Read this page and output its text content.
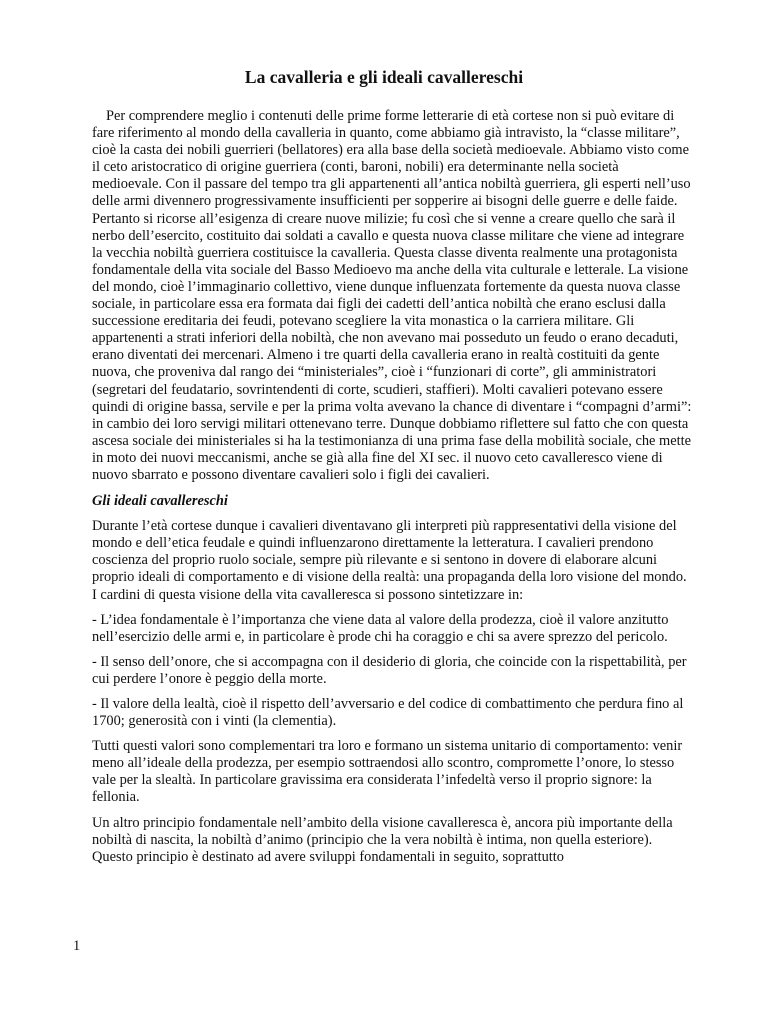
La cavalleria e gli ideali cavallereschi

Per comprendere meglio i contenuti delle prime forme letterarie di età cortese non si può evitare di fare riferimento al mondo della cavalleria in quanto, come abbiamo già intravisto, la “classe militare”, cioè la casta dei nobili guerrieri (bellatores) era alla base della società medioevale. Abbiamo visto come il ceto aristocratico di origine guerriera (conti, baroni, nobili) era determinante nella società medioevale. Con il passare del tempo tra gli appartenenti all’antica nobiltà guerriera, gli esperti nell’uso delle armi divennero progressivamente insufficienti per sopperire ai bisogni delle guerre e delle faide. Pertanto si ricorse all’esigenza di creare nuove milizie; fu così che si venne a creare quello che sarà il nerbo dell’esercito, costituito dai soldati a cavallo e questa nuova classe militare che viene ad integrare la vecchia nobiltà guerriera costituisce la cavalleria. Questa classe diventa realmente una protagonista fondamentale della vita sociale del Basso Medioevo ma anche della vita culturale e letterale. La visione del mondo, cioè l’immaginario collettivo, viene dunque influenzata fortemente da questa nuova classe sociale, in particolare essa era formata dai figli dei cadetti dell’antica nobiltà che erano esclusi dalla successione ereditaria dei feudi, potevano scegliere la vita monastica o la carriera militare. Gli appartenenti a strati inferiori della nobiltà, che non avevano mai posseduto un feudo o erano decaduti, erano diventati dei mercenari. Almeno i tre quarti della cavalleria erano in realtà costituiti da gente nuova, che proveniva dal rango dei “ministeriales”, cioè i “funzionari di corte”, gli amministratori (segretari del feudatario, sovrintendenti di corte, scudieri, staffieri). Molti cavalieri potevano essere quindi di origine bassa, servile e per la prima volta avevano la chance di diventare i “compagni d’armi”: in cambio dei loro servigi militari ottenevano terre. Dunque dobbiamo riflettere sul fatto che con questa ascesa sociale dei ministeriales si ha la testimonianza di una prima fase della mobilità sociale, che mette in moto dei nuovi meccanismi, anche se già alla fine del XI sec. il nuovo ceto cavalleresco viene di nuovo sbarrato e possono diventare cavalieri solo i figli dei cavalieri.

Gli ideali cavallereschi

Durante l’età cortese dunque i cavalieri diventavano gli interpreti più rappresentativi della visione del mondo e dell’etica feudale e quindi influenzarono direttamente la letteratura. I cavalieri prendono coscienza del proprio ruolo sociale, sempre più rilevante e si sentono in dovere di elaborare alcuni proprio ideali di comportamento e di visione della realtà: una propaganda della loro visione del mondo. I cardini di questa visione della vita cavalleresca si possono sintetizzare in:

- L’idea fondamentale è l’importanza che viene data al valore della prodezza, cioè il valore anzitutto nell’esercizio delle armi e, in particolare è prode chi ha coraggio e chi sa avere sprezzo del pericolo.

- Il senso dell’onore, che si accompagna con il desiderio di gloria, che coincide con la rispettabilità, per cui perdere l’onore è peggio della morte.

- Il valore della lealtà, cioè il rispetto dell’avversario e del codice di combattimento che perdura fino al 1700; generosità con i vinti (la clementia).

Tutti questi valori sono complementari tra loro e formano un sistema unitario di comportamento: venir meno all’ideale della prodezza, per esempio sottraendosi allo scontro, compromette l’onore, lo stesso vale per la slealtà. In particolare gravissima era considerata l’infedeltà verso il proprio signore: la fellonia.

Un altro principio fondamentale nell’ambito della visione cavalleresca è, ancora più importante della nobiltà di nascita, la nobiltà d’animo (principio che la vera nobiltà è intima, non quella esteriore). Questo principio è destinato ad avere sviluppi fondamentali in seguito, soprattutto

1
